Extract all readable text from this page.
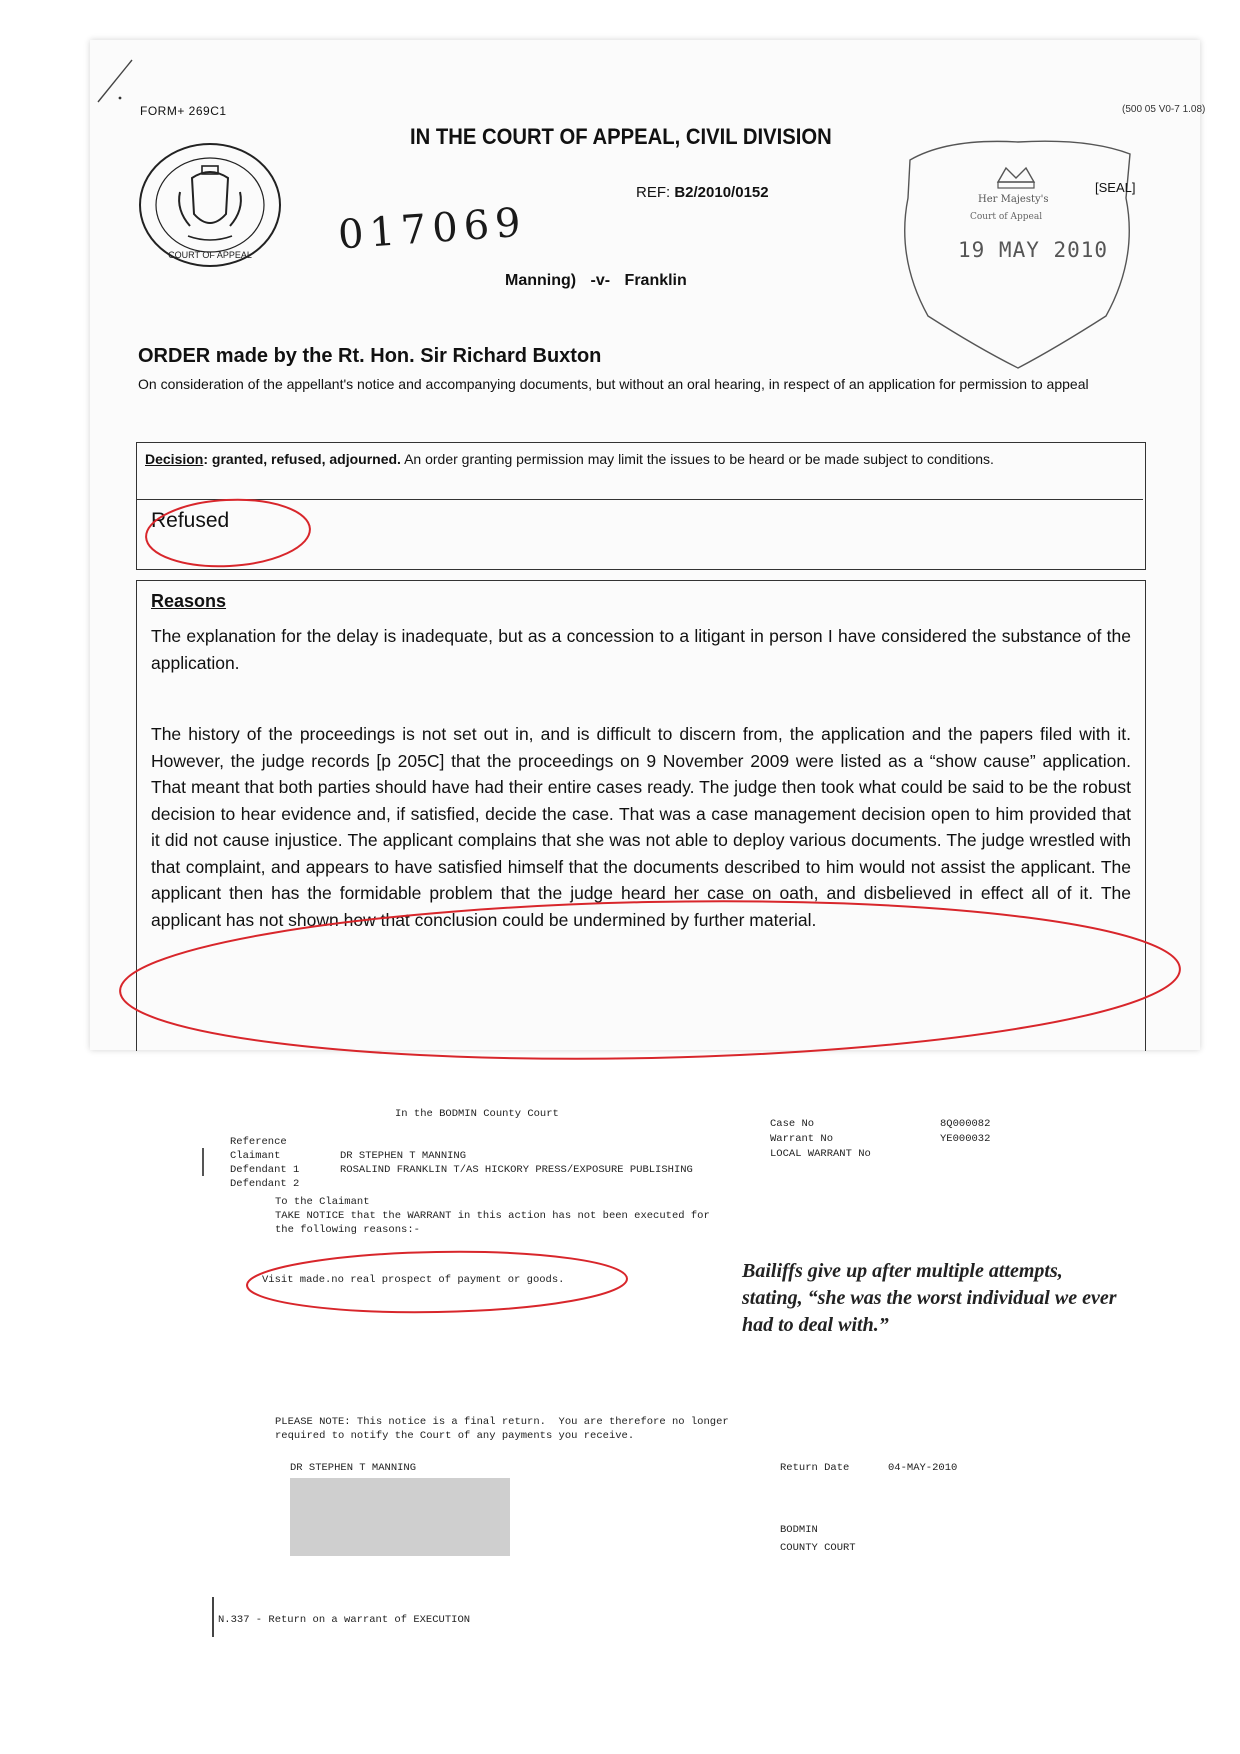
FORM+ 269C1	(500 05 V0-7 1.08)
COURT OF APPEAL
IN THE COURT OF APPEAL, CIVIL DIVISION
REF: B2/2010/0152
017069
Manning) -v- Franklin
[SEAL]
Her Majesty's
Court of Appeal
19 MAY 2010
ORDER made by the Rt. Hon. Sir Richard Buxton
On consideration of the appellant's notice and accompanying documents, but without an oral hearing, in respect of an application for permission to appeal
Decision: granted, refused, adjourned. An order granting permission may limit the issues to be heard or be made subject to conditions.
Refused
Reasons
The explanation for the delay is inadequate, but as a concession to a litigant in person I have considered the substance of the application.
The history of the proceedings is not set out in, and is difficult to discern from, the application and the papers filed with it. However, the judge records [p 205C] that the proceedings on 9 November 2009 were listed as a “show cause” application. That meant that both parties should have had their entire cases ready. The judge then took what could be said to be the robust decision to hear evidence and, if satisfied, decide the case. That was a case management decision open to him provided that it did not cause injustice. The applicant complains that she was not able to deploy various documents. The judge wrestled with that complaint, and appears to have satisfied himself that the documents described to him would not assist the applicant. The applicant then has the formidable problem that the judge heard her case on oath, and disbelieved in effect all of it. The applicant has not shown how that conclusion could be undermined by further material.
In the BODMIN County Court
Case No	8Q000082
Warrant No	YE000032
LOCAL WARRANT No
Reference
Claimant	DR STEPHEN T MANNING
Defendant 1	ROSALIND FRANKLIN T/AS HICKORY PRESS/EXPOSURE PUBLISHING
Defendant 2
To the Claimant
TAKE NOTICE that the WARRANT in this action has not been executed for
the following reasons:-
Visit made.no real prospect of payment or goods.
PLEASE NOTE: This notice is a final return.  You are therefore no longer
required to notify the Court of any payments you receive.
DR STEPHEN T MANNING	Return Date	04-MAY-2010
BODMIN
COUNTY COURT
N.337 - Return on a warrant of EXECUTION
Bailiffs give up after multiple attempts, stating, “she was the worst individual we ever had to deal with.”
